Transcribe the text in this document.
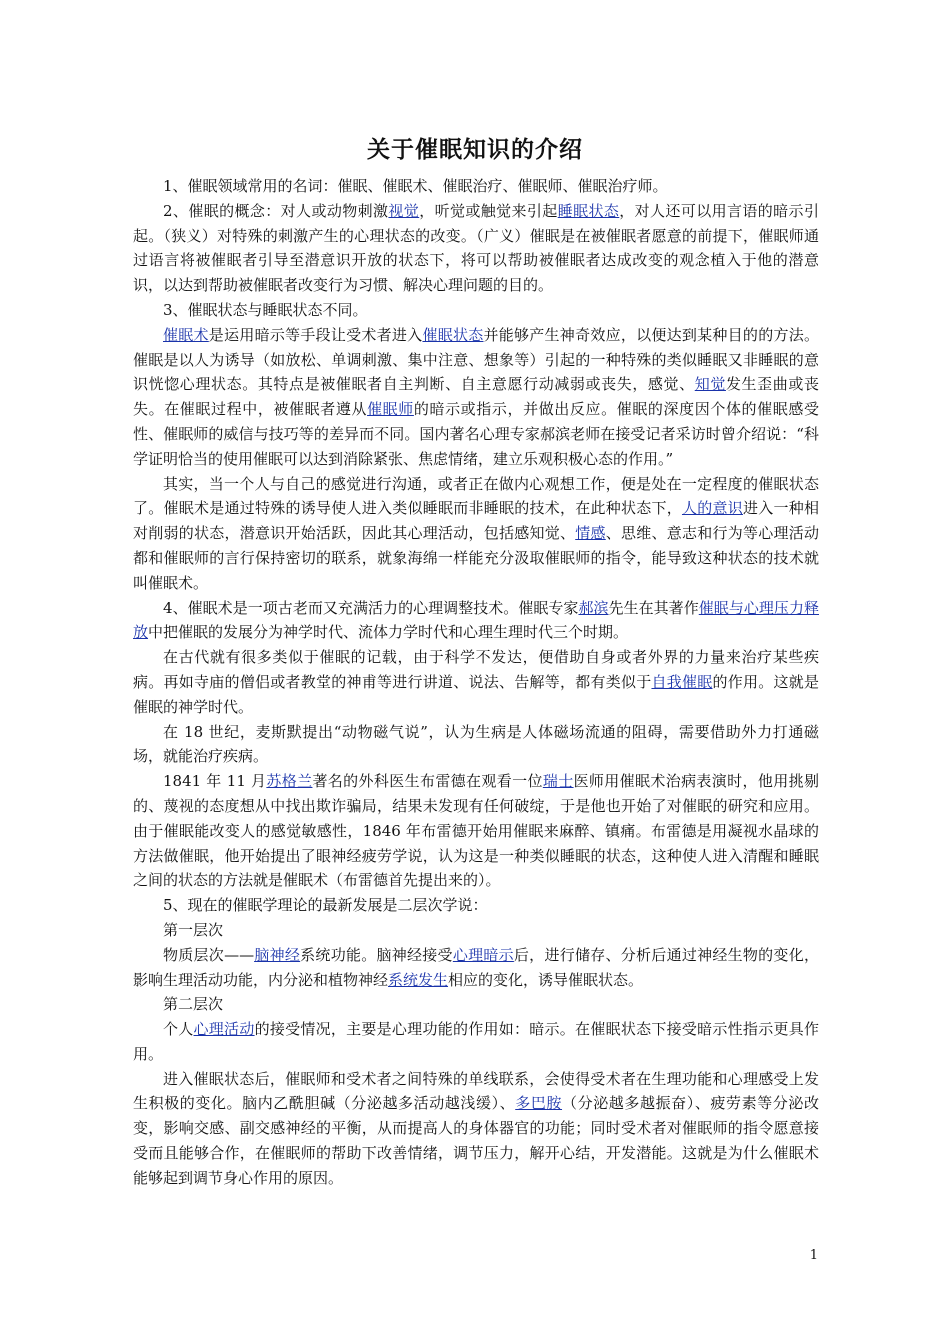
关于催眠知识的介绍

1、催眠领域常用的名词：催眠、催眠术、催眠治疗、催眠师、催眠治疗师。

2、催眠的概念：对人或动物刺激视觉，听觉或触觉来引起睡眠状态，对人还可以用言语的暗示引起。（狭义）对特殊的刺激产生的心理状态的改变。（广义）催眠是在被催眠者愿意的前提下，催眠师通过语言将被催眠者引导至潜意识开放的状态下，将可以帮助被催眠者达成改变的观念植入于他的潜意识，以达到帮助被催眠者改变行为习惯、解决心理问题的目的。

3、催眠状态与睡眠状态不同。

催眠术是运用暗示等手段让受术者进入催眠状态并能够产生神奇效应，以便达到某种目的的方法。催眠是以人为诱导（如放松、单调刺激、集中注意、想象等）引起的一种特殊的类似睡眠又非睡眠的意识恍惚心理状态。其特点是被催眠者自主判断、自主意愿行动减弱或丧失，感觉、知觉发生歪曲或丧失。在催眠过程中，被催眠者遵从催眠师的暗示或指示，并做出反应。催眠的深度因个体的催眠感受性、催眠师的威信与技巧等的差异而不同。国内著名心理专家郝滨老师在接受记者采访时曾介绍说：“科学证明恰当的使用催眠可以达到消除紧张、焦虑情绪，建立乐观积极心态的作用。”

其实，当一个人与自己的感觉进行沟通，或者正在做内心观想工作，便是处在一定程度的催眠状态了。催眠术是通过特殊的诱导使人进入类似睡眠而非睡眠的技术，在此种状态下，人的意识进入一种相对削弱的状态，潜意识开始活跃，因此其心理活动，包括感知觉、情感、思维、意志和行为等心理活动都和催眠师的言行保持密切的联系，就象海绵一样能充分汲取催眠师的指令，能导致这种状态的技术就叫催眠术。

4、催眠术是一项古老而又充满活力的心理调整技术。催眠专家郝滨先生在其著作催眠与心理压力释放中把催眠的发展分为神学时代、流体力学时代和心理生理时代三个时期。

在古代就有很多类似于催眠的记载，由于科学不发达，便借助自身或者外界的力量来治疗某些疾病。再如寺庙的僧侣或者教堂的神甫等进行讲道、说法、告解等，都有类似于自我催眠的作用。这就是催眠的神学时代。

在 18 世纪，麦斯默提出“动物磁气说”，认为生病是人体磁场流通的阻碍，需要借助外力打通磁场，就能治疗疾病。

1841 年 11 月苏格兰著名的外科医生布雷德在观看一位瑞士医师用催眠术治病表演时，他用挑剔的、蔑视的态度想从中找出欺诈骗局，结果未发现有任何破绽，于是他也开始了对催眠的研究和应用。由于催眠能改变人的感觉敏感性，1846 年布雷德开始用催眠来麻醉、镇痛。布雷德是用凝视水晶球的方法做催眠，他开始提出了眼神经疲劳学说，认为这是一种类似睡眠的状态，这种使人进入清醒和睡眠之间的状态的方法就是催眠术（布雷德首先提出来的）。

5、现在的催眠学理论的最新发展是二层次学说：

第一层次

物质层次——脑神经系统功能。脑神经接受心理暗示后，进行储存、分析后通过神经生物的变化，影响生理活动功能，内分泌和植物神经系统发生相应的变化，诱导催眠状态。

第二层次

个人心理活动的接受情况，主要是心理功能的作用如：暗示。在催眠状态下接受暗示性指示更具作用。

进入催眠状态后，催眠师和受术者之间特殊的单线联系，会使得受术者在生理功能和心理感受上发生积极的变化。脑内乙酰胆碱（分泌越多活动越浅缓）、多巴胺（分泌越多越振奋）、疲劳素等分泌改变，影响交感、副交感神经的平衡，从而提高人的身体器官的功能；同时受术者对催眠师的指令愿意接受而且能够合作，在催眠师的帮助下改善情绪，调节压力，解开心结，开发潜能。这就是为什么催眠术能够起到调节身心作用的原因。

1
